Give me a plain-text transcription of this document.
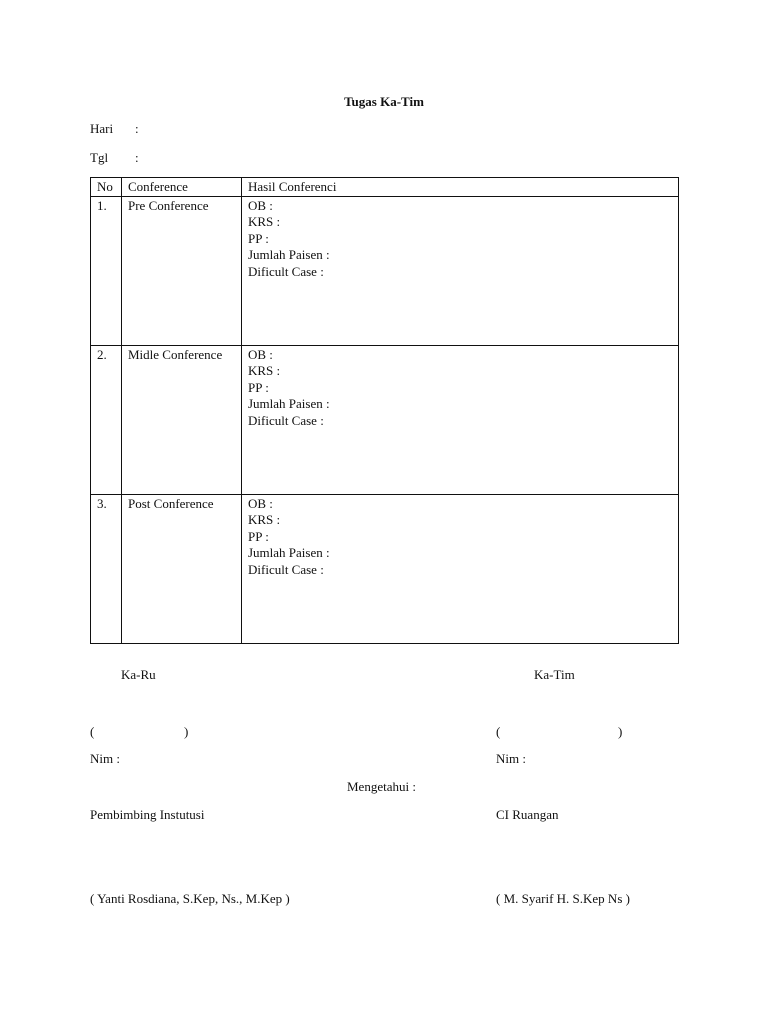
Tugas Ka-Tim
Hari :
Tgl :
No	Conference	Hasil Conferenci
1.	Pre Conference	OB :
KRS :
PP :
Jumlah Paisen :
Dificult Case :

2.	Midle Conference	OB :
KRS :
PP :
Jumlah Paisen :
Dificult Case :

3.	Post Conference	OB :
KRS :
PP :
Jumlah Paisen :
Dificult Case :
Ka-Ru	Ka-Tim
(	)	(	)
Nim :	Nim :
Mengetahui :
Pembimbing Instutusi	CI Ruangan
( Yanti Rosdiana, S.Kep, Ns., M.Kep )	( M. Syarif H. S.Kep Ns )
